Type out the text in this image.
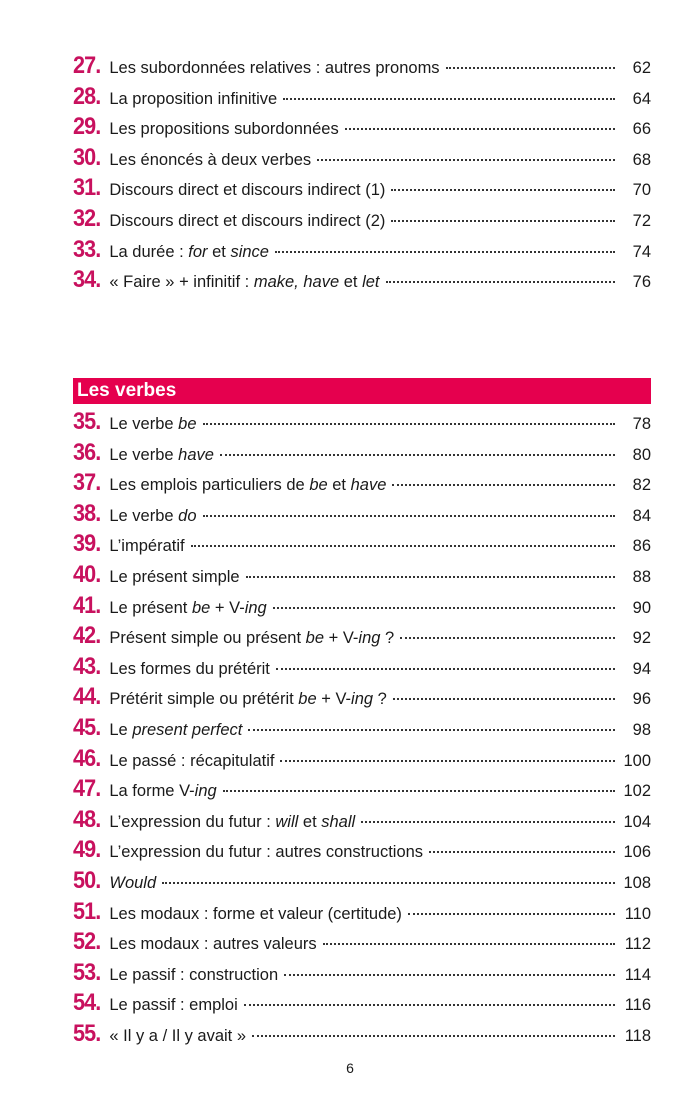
27. Les subordonnées relatives : autres pronoms	62
28. La proposition infinitive	64
29. Les propositions subordonnées	66
30. Les énoncés à deux verbes	68
31. Discours direct et discours indirect (1)	70
32. Discours direct et discours indirect (2)	72
33. La durée : for et since	74
34. « Faire » + infinitif : make, have et let	76
Les verbes
35. Le verbe be	78
36. Le verbe have	80
37. Les emplois particuliers de be et have	82
38. Le verbe do	84
39. L’impératif	86
40. Le présent simple	88
41. Le présent be + V-ing	90
42. Présent simple ou présent be + V-ing ?	92
43. Les formes du prétérit	94
44. Prétérit simple ou prétérit be + V-ing ?	96
45. Le present perfect	98
46. Le passé : récapitulatif	100
47. La forme V-ing	102
48. L’expression du futur : will et shall	104
49. L’expression du futur : autres constructions	106
50. Would	108
51. Les modaux : forme et valeur (certitude)	110
52. Les modaux : autres valeurs	112
53. Le passif : construction	114
54. Le passif : emploi	116
55. « Il y a / Il y avait »	118
6
